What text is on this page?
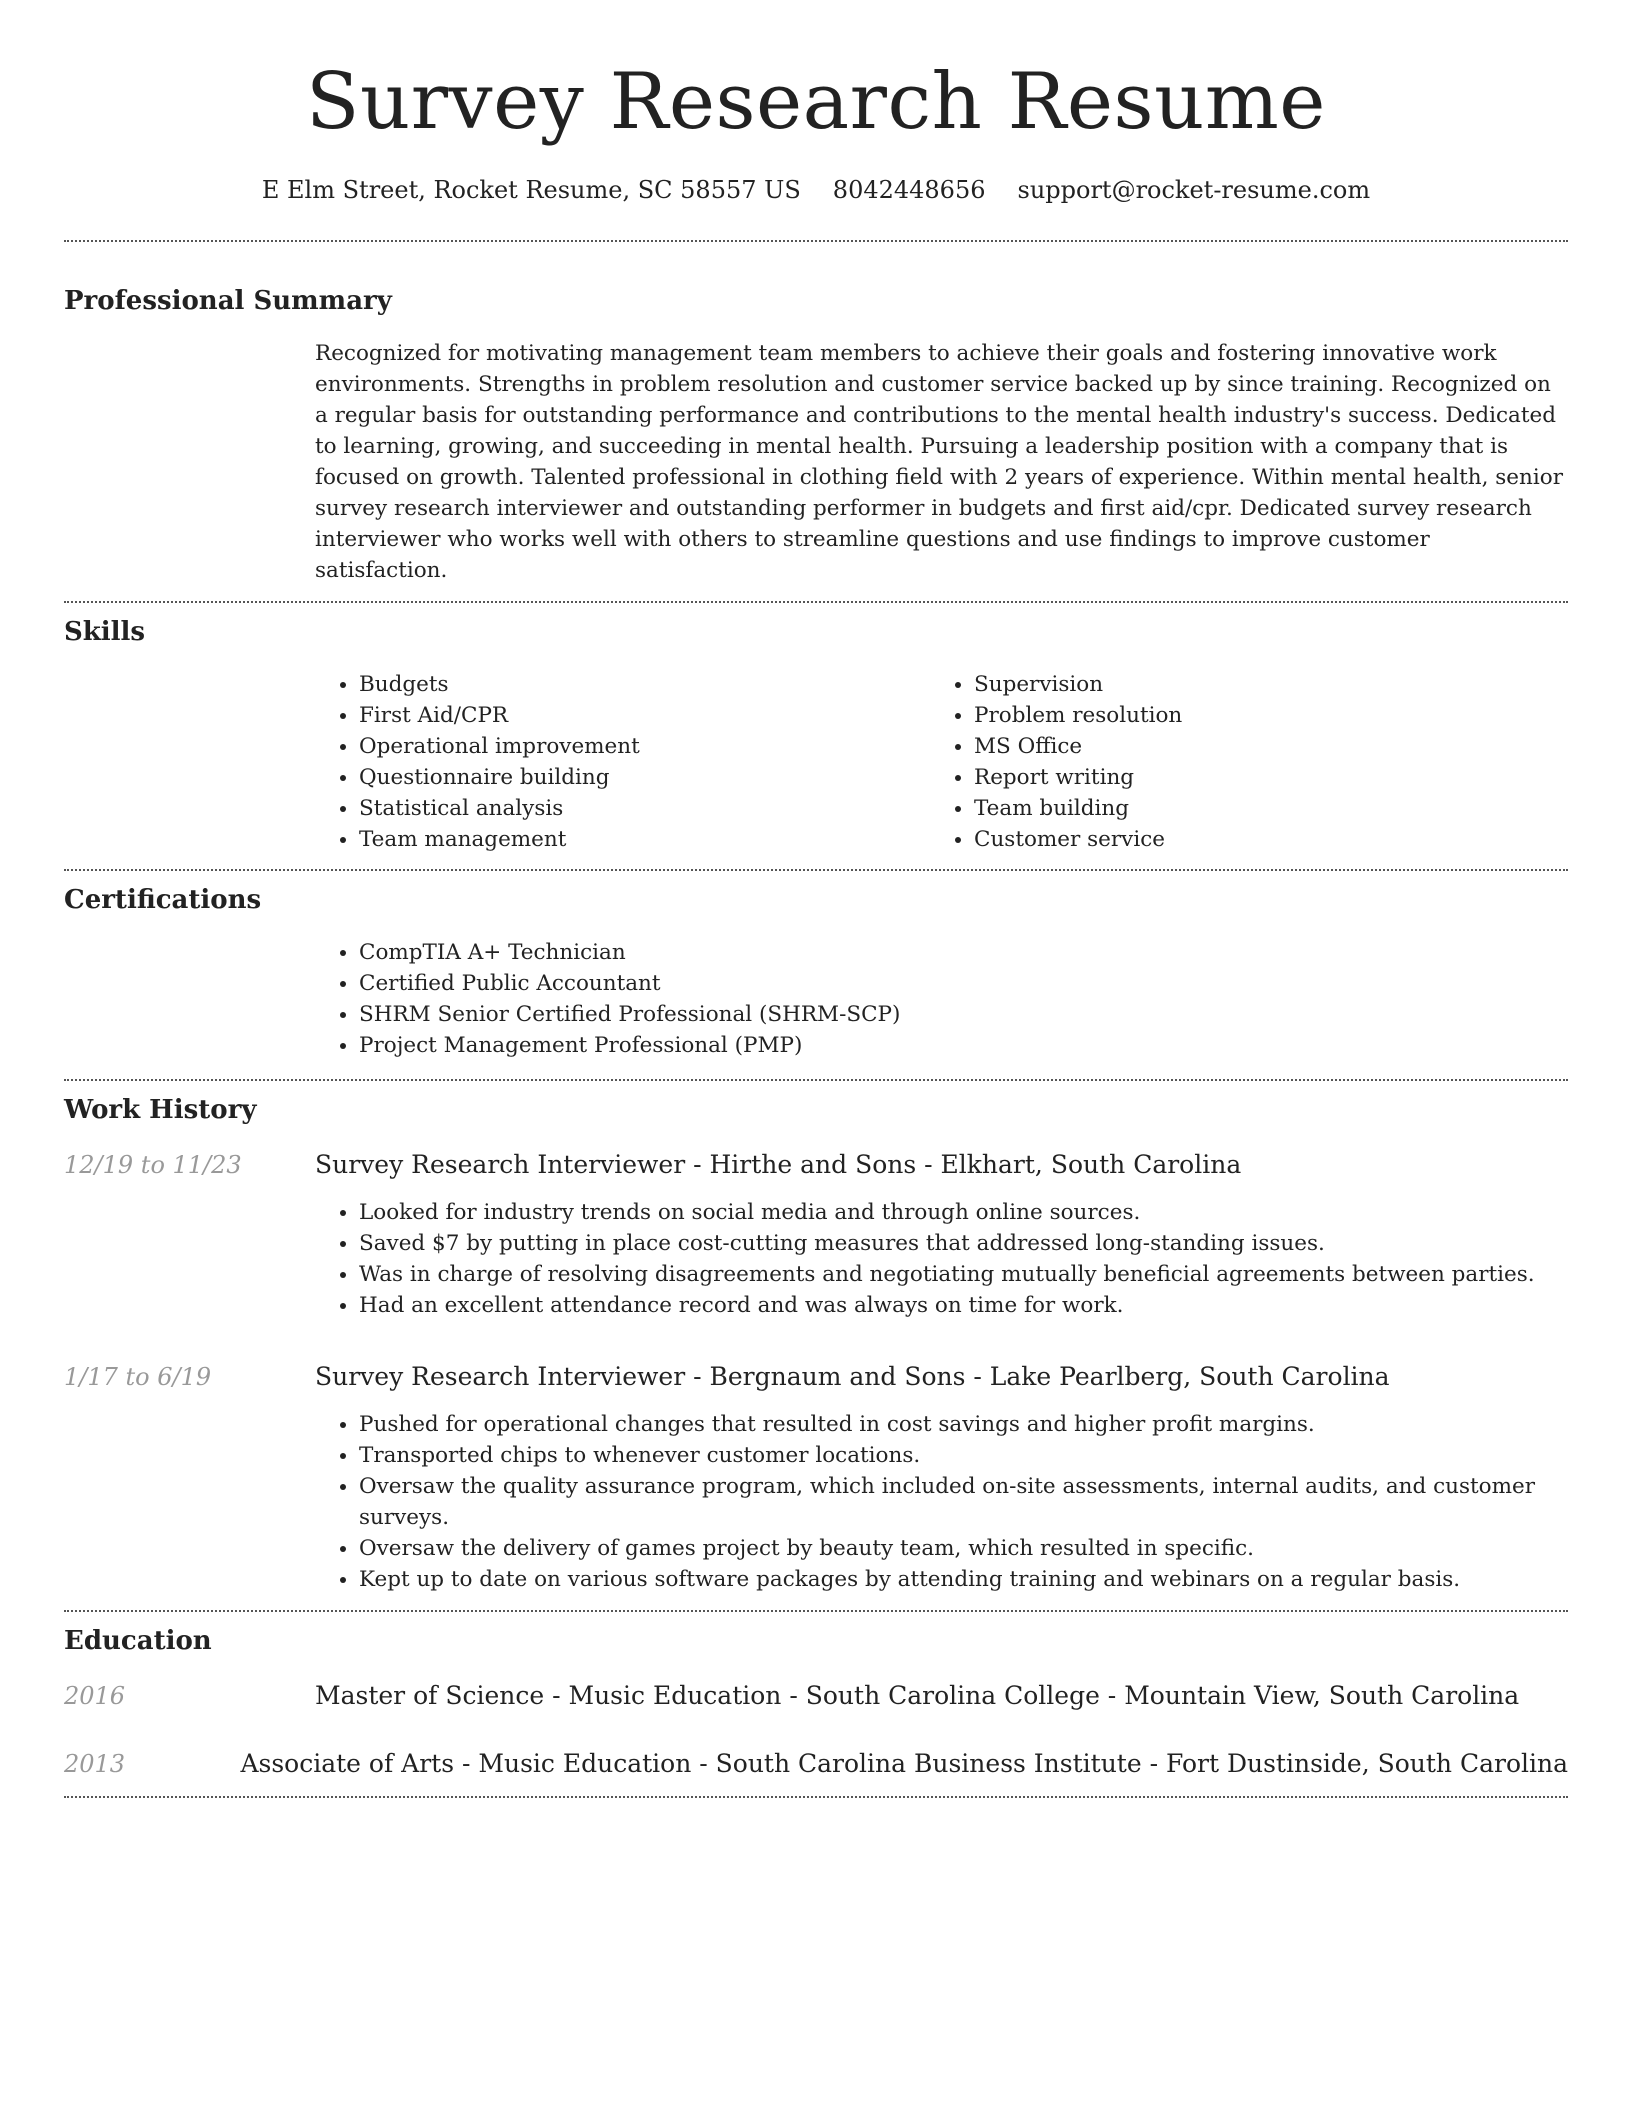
Survey Research Resume
E Elm Street, Rocket Resume, SC 58557 US 8042448656 support@rocket-resume.com
Professional Summary

Recognized for motivating management team members to achieve their goals and fostering innovative work environments. Strengths in problem resolution and customer service backed up by since training. Recognized on a regular basis for outstanding performance and contributions to the mental health industry's success. Dedicated to learning, growing, and succeeding in mental health. Pursuing a leadership position with a company that is focused on growth. Talented professional in clothing field with 2 years of experience. Within mental health, senior survey research interviewer and outstanding performer in budgets and first aid/cpr. Dedicated survey research interviewer who works well with others to streamline questions and use findings to improve customer satisfaction.

Skills
• Budgets
• First Aid/CPR
• Operational improvement
• Questionnaire building
• Statistical analysis
• Team management
• Supervision
• Problem resolution
• MS Office
• Report writing
• Team building
• Customer service
Certifications
• CompTIA A+ Technician
• Certified Public Accountant
• SHRM Senior Certified Professional (SHRM-SCP)
• Project Management Professional (PMP)
Work History
12/19 to 11/23	Survey Research Interviewer - Hirthe and Sons - Elkhart, South Carolina
• Looked for industry trends on social media and through online sources.
• Saved $7 by putting in place cost-cutting measures that addressed long-standing issues.
• Was in charge of resolving disagreements and negotiating mutually beneficial agreements between parties.
• Had an excellent attendance record and was always on time for work.
1/17 to 6/19	Survey Research Interviewer - Bergnaum and Sons - Lake Pearlberg, South Carolina
• Pushed for operational changes that resulted in cost savings and higher profit margins.
• Transported chips to whenever customer locations.
• Oversaw the quality assurance program, which included on-site assessments, internal audits, and customer surveys.
• Oversaw the delivery of games project by beauty team, which resulted in specific.
• Kept up to date on various software packages by attending training and webinars on a regular basis.
Education
2016	Master of Science - Music Education - South Carolina College - Mountain View, South Carolina
2013	Associate of Arts - Music Education - South Carolina Business Institute - Fort Dustinside, South Carolina
